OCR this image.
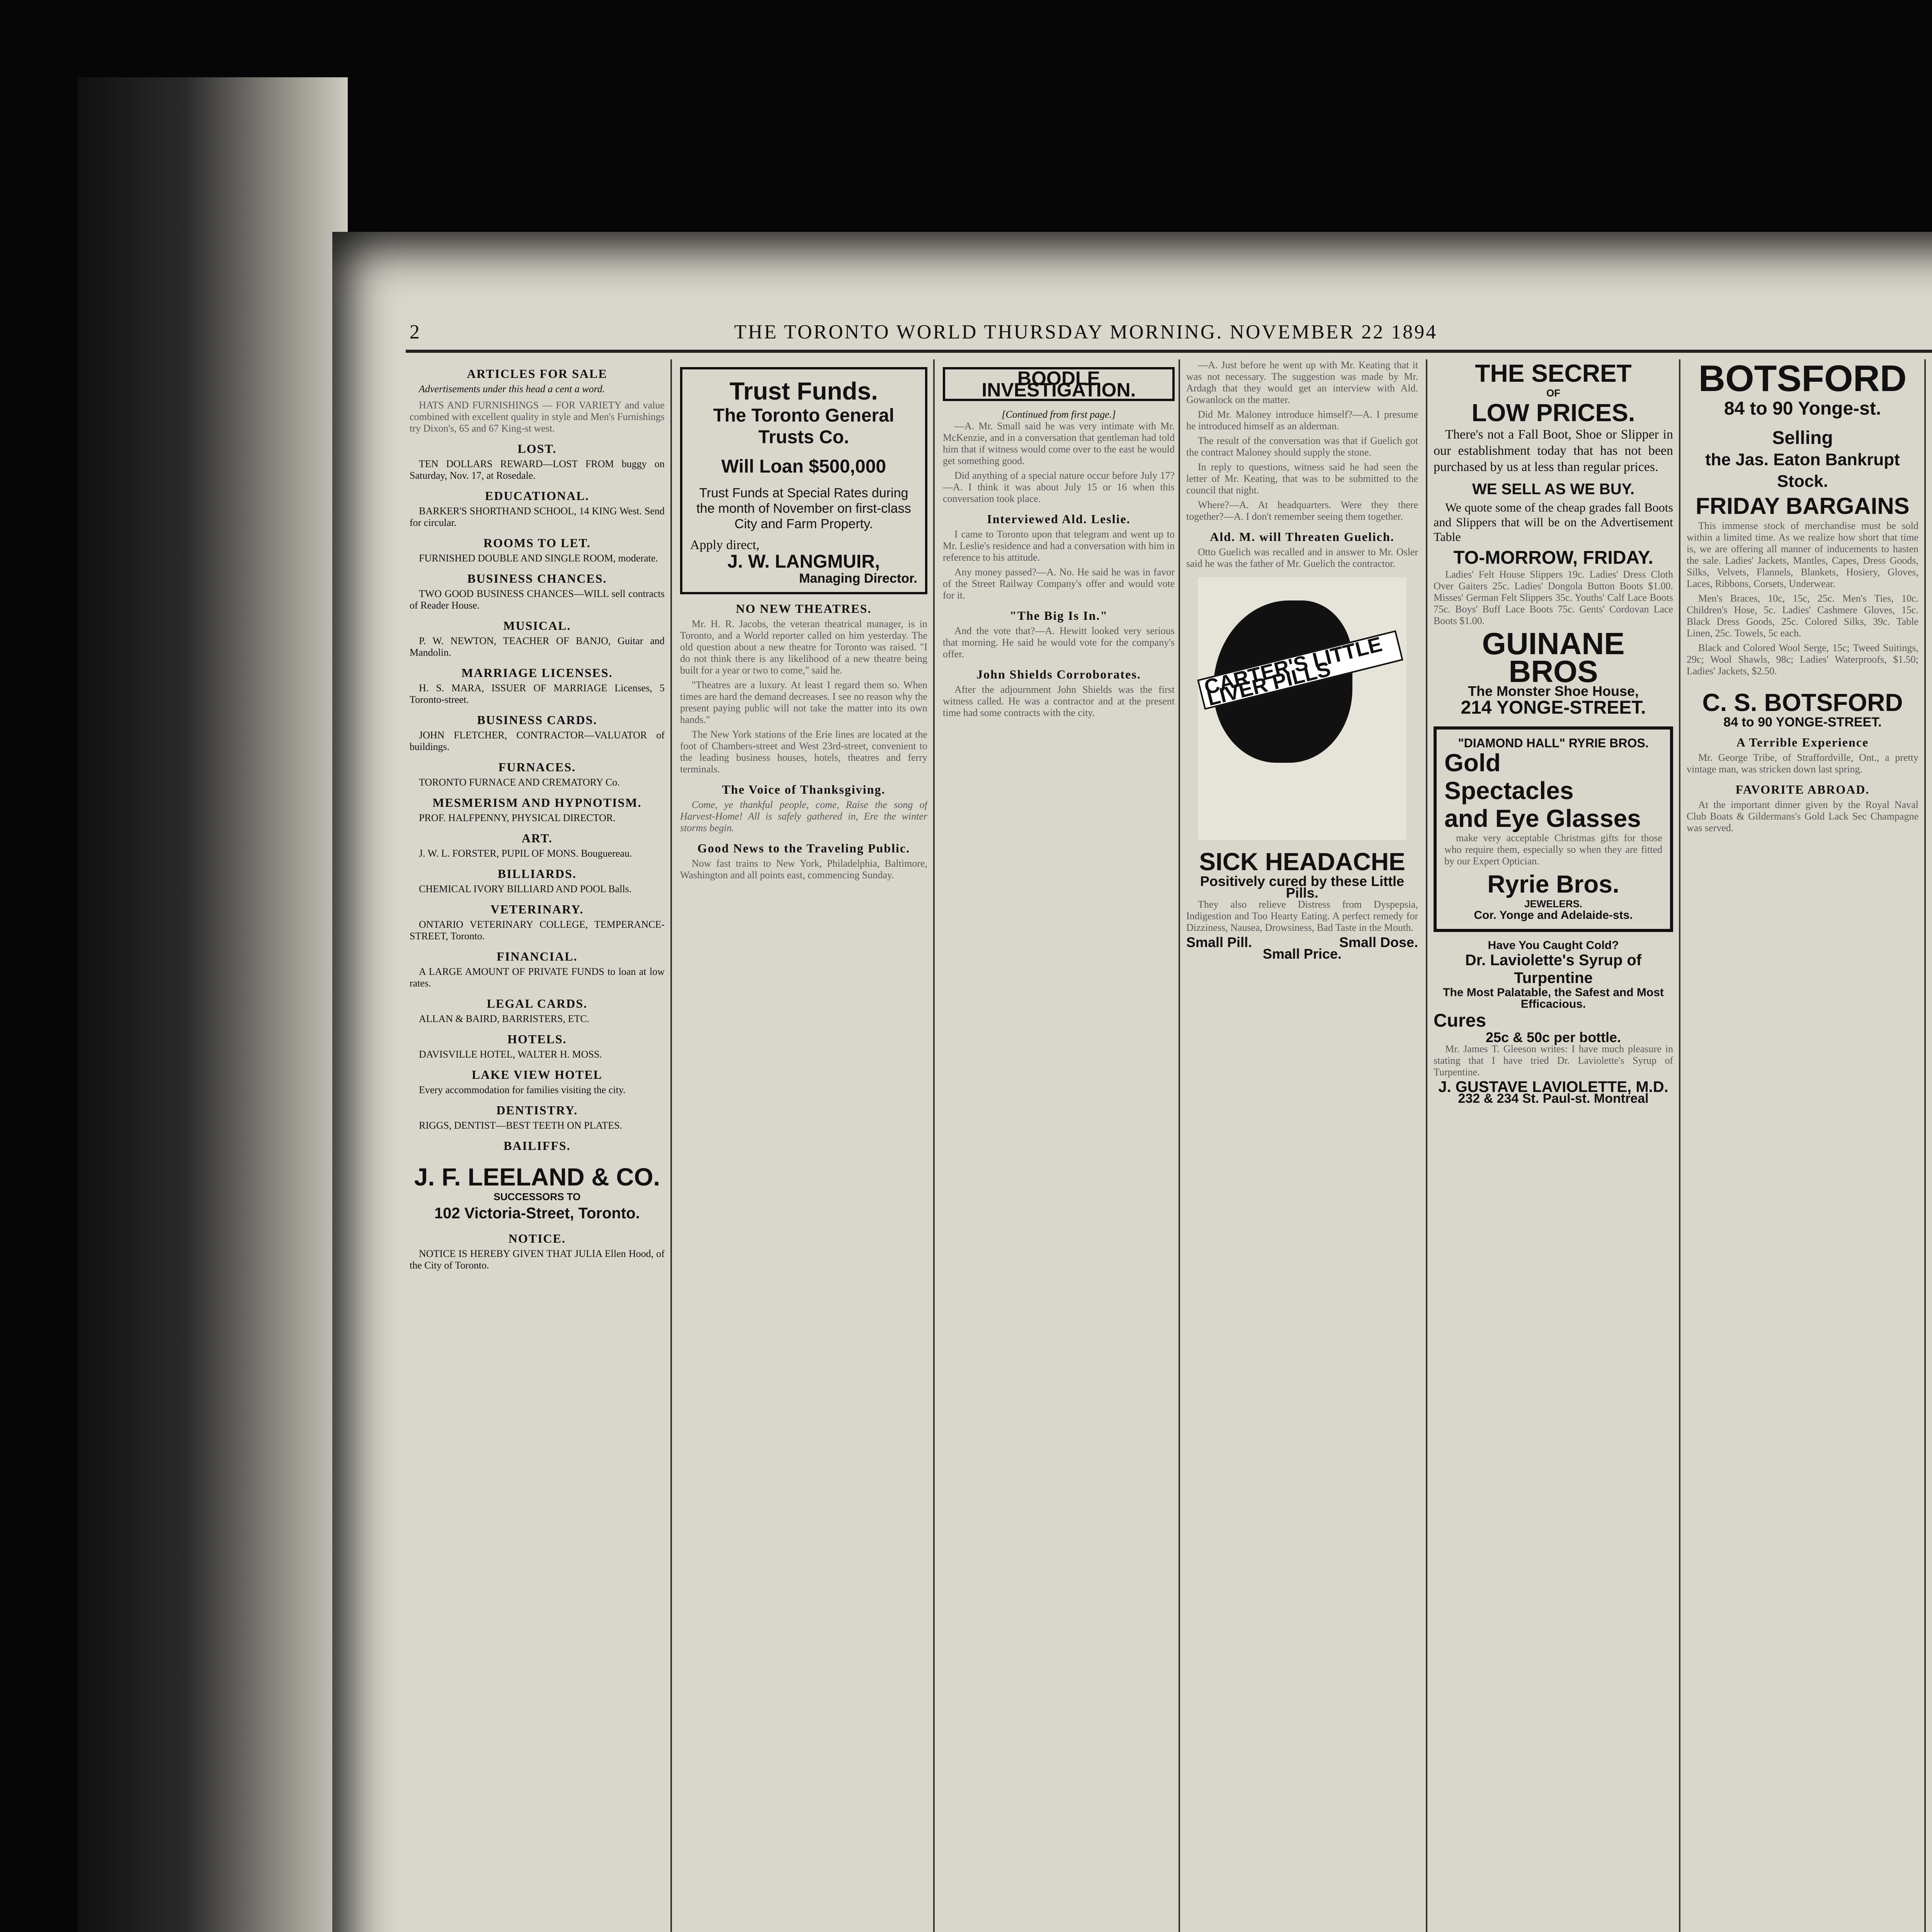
2	THE TORONTO WORLD THURSDAY MORNING. NOVEMBER 22 1894
ARTICLES FOR SALE
Advertisements under this head a cent a word.
HATS AND FURNISHINGS — FOR VARIETY and value combined with excellent quality in style and Men's Furnishings try Dixon's, 65 and 67 King-st west.
LOST.
TEN DOLLARS REWARD—LOST FROM buggy on Saturday, Nov. 17, at Rosedale.
EDUCATIONAL.
BARKER'S SHORTHAND SCHOOL, 14 KING West. Send for circular.
ROOMS TO LET.
FURNISHED DOUBLE AND SINGLE ROOM, moderate.
BUSINESS CHANCES.
TWO GOOD BUSINESS CHANCES—WILL sell contracts of Reader House.
MUSICAL.
P. W. NEWTON, TEACHER OF BANJO, Guitar and Mandolin.
MARRIAGE LICENSES.
H. S. MARA, ISSUER OF MARRIAGE Licenses, 5 Toronto-street.
BUSINESS CARDS.
JOHN FLETCHER, CONTRACTOR—VALUATOR of buildings.
FURNACES.
TORONTO FURNACE AND CREMATORY Co.
MESMERISM AND HYPNOTISM.
PROF. HALFPENNY, PHYSICAL DIRECTOR.
ART.
J. W. L. FORSTER, PUPIL OF MONS. Bouguereau.
BILLIARDS.
CHEMICAL IVORY BILLIARD AND POOL Balls.
VETERINARY.
ONTARIO VETERINARY COLLEGE, TEMPERANCE-STREET, Toronto.
FINANCIAL.
A LARGE AMOUNT OF PRIVATE FUNDS to loan at low rates.
LEGAL CARDS.
ALLAN & BAIRD, BARRISTERS, ETC.
HOTELS.
DAVISVILLE HOTEL, WALTER H. MOSS.
LAKE VIEW HOTEL
Every accommodation for families visiting the city.
DENTISTRY.
RIGGS, DENTIST—BEST TEETH ON PLATES.
BAILIFFS.
J. F. LEELAND & CO.
SUCCESSORS TO
102 Victoria-Street, Toronto.
NOTICE.
NOTICE IS HEREBY GIVEN THAT JULIA Ellen Hood, of the City of Toronto.
Trust Funds.
The Toronto General Trusts Co.
Will Loan $500,000
Trust Funds at Special Rates during the month of November on first-class City and Farm Property.
Apply direct,
J. W. LANGMUIR,
Managing Director.
NO NEW THEATRES.
Mr. H. R. Jacobs, the veteran theatrical manager, is in Toronto, and a World reporter called on him yesterday. The old question about a new theatre for Toronto was raised. "I do not think there is any likelihood of a new theatre being built for a year or two to come," said he.
"Theatres are a luxury. At least I regard them so. When times are hard the demand decreases. I see no reason why the present paying public will not take the matter into its own hands."
The New York stations of the Erie lines are located at the foot of Chambers-street and West 23rd-street, convenient to the leading business houses, hotels, theatres and ferry terminals.
The Voice of Thanksgiving.
Come, ye thankful people, come, Raise the song of Harvest-Home! All is safely gathered in, Ere the winter storms begin.
Good News to the Traveling Public.
Now fast trains to New York, Philadelphia, Baltimore, Washington and all points east, commencing Sunday.
BOODLE INVESTIGATION.
[Continued from first page.]
—A. Mr. Small said he was very intimate with Mr. McKenzie, and in a conversation that gentleman had told him that if witness would come over to the east he would get something good.
Did anything of a special nature occur before July 17?—A. I think it was about July 15 or 16 when this conversation took place.
Interviewed Ald. Leslie.
I came to Toronto upon that telegram and went up to Mr. Leslie's residence and had a conversation with him in reference to his attitude.
Any money passed?—A. No. He said he was in favor of the Street Railway Company's offer and would vote for it.
"The Big Is In."
And the vote that?—A. Hewitt looked very serious that morning. He said he would vote for the company's offer.
John Shields Corroborates.
After the adjournment John Shields was the first witness called. He was a contractor and at the present time had some contracts with the city.
—A. Just before he went up with Mr. Keating that it was not necessary. The suggestion was made by Mr. Ardagh that they would get an interview with Ald. Gowanlock on the matter.
Did Mr. Maloney introduce himself?—A. I presume he introduced himself as an alderman.
The result of the conversation was that if Guelich got the contract Maloney should supply the stone.
In reply to questions, witness said he had seen the letter of Mr. Keating, that was to be submitted to the council that night.
Where?—A. At headquarters. Were they there together?—A. I don't remember seeing them together.
Ald. M. will Threaten Guelich.
Otto Guelich was recalled and in answer to Mr. Osler said he was the father of Mr. Guelich the contractor.
CARTER'S LITTLE LIVER PILLS
SICK HEADACHE
Positively cured by these Little Pills.
They also relieve Distress from Dyspepsia, Indigestion and Too Hearty Eating. A perfect remedy for Dizziness, Nausea, Drowsiness, Bad Taste in the Mouth.
Small Pill.	Small Dose.
Small Price.
THE SECRET
OF
LOW PRICES.
There's not a Fall Boot, Shoe or Slipper in our establishment today that has not been purchased by us at less than regular prices.
WE SELL AS WE BUY.
We quote some of the cheap grades fall Boots and Slippers that will be on the Advertisement Table
TO-MORROW, FRIDAY.
Ladies' Felt House Slippers 19c. Ladies' Dress Cloth Over Gaiters 25c. Ladies' Dongola Button Boots $1.00. Misses' German Felt Slippers 35c. Youths' Calf Lace Boots 75c. Boys' Buff Lace Boots 75c. Gents' Cordovan Lace Boots $1.00.
GUINANE BROS
The Monster Shoe House,
214 YONGE-STREET.
"DIAMOND HALL" RYRIE BROS.
Gold
Spectacles
and Eye Glasses
make very acceptable Christmas gifts for those who require them, especially so when they are fitted by our Expert Optician.
Ryrie Bros.
JEWELERS.
Cor. Yonge and Adelaide-sts.
Have You Caught Cold?
Dr. Laviolette's Syrup of Turpentine
The Most Palatable, the Safest and Most Efficacious.
Cures
25c & 50c per bottle.
Mr. James T. Gleeson writes: I have much pleasure in stating that I have tried Dr. Laviolette's Syrup of Turpentine.
J. GUSTAVE LAVIOLETTE, M.D.
232 & 234 St. Paul-st. Montreal
BOTSFORD
84 to 90 Yonge-st.
Selling
the Jas. Eaton Bankrupt Stock.
FRIDAY BARGAINS
This immense stock of merchandise must be sold within a limited time. As we realize how short that time is, we are offering all manner of inducements to hasten the sale. Ladies' Jackets, Mantles, Capes, Dress Goods, Silks, Velvets, Flannels, Blankets, Hosiery, Gloves, Laces, Ribbons, Corsets, Underwear.
Men's Braces, 10c, 15c, 25c. Men's Ties, 10c. Children's Hose, 5c. Ladies' Cashmere Gloves, 15c. Black Dress Goods, 25c. Colored Silks, 39c. Table Linen, 25c. Towels, 5c each.
Black and Colored Wool Serge, 15c; Tweed Suitings, 29c; Wool Shawls, 98c; Ladies' Waterproofs, $1.50; Ladies' Jackets, $2.50.
C. S. BOTSFORD
84 to 90 YONGE-STREET.
A Terrible Experience
Mr. George Tribe, of Straffordville, Ont., a pretty vintage man, was stricken down last spring.
FAVORITE ABROAD.
At the important dinner given by the Royal Naval Club Boats & Gildermans's Gold Lack Sec Champagne was served.
